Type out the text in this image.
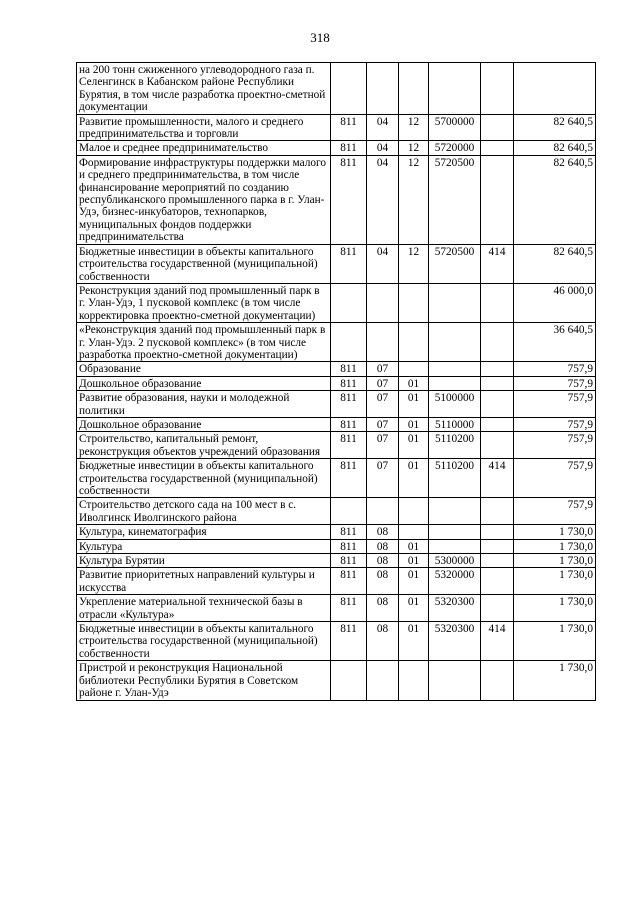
318
на 200 тонн сжиженного углеводородного газа п. Селенгинск в Кабанском районе Республики Бурятия, в том числе разработка проектно-сметной документации						
Развитие промышленности, малого и среднего предпринимательства и торговли	811	04	12	5700000		82 640,5
Малое и среднее предпринимательство	811	04	12	5720000		82 640,5
Формирование инфраструктуры поддержки малого и среднего предпринимательства, в том числе финансирование мероприятий по созданию республиканского промышленного парка в г. Улан-Удэ, бизнес-инкубаторов, технопарков, муниципальных фондов поддержки предпринимательства	811	04	12	5720500		82 640,5
Бюджетные инвестиции в объекты капитального строительства государственной (муниципальной) собственности	811	04	12	5720500	414	82 640,5
Реконструкция зданий под промышленный парк в г. Улан-Удэ, 1 пусковой комплекс (в том числе корректировка проектно-сметной документации)						46 000,0
«Реконструкция зданий под промышленный парк в г. Улан-Удэ. 2 пусковой комплекс» (в том числе разработка проектно-сметной документации)						36 640,5
Образование	811	07				757,9
Дошкольное образование	811	07	01			757,9
Развитие образования, науки и молодежной политики	811	07	01	5100000		757,9
Дошкольное образование	811	07	01	5110000		757,9
Строительство, капитальный ремонт, реконструкция объектов учреждений образования	811	07	01	5110200		757,9
Бюджетные инвестиции в объекты капитального строительства государственной (муниципальной) собственности	811	07	01	5110200	414	757,9
Строительство детского сада на 100 мест в с. Иволгинск Иволгинского района						757,9
Культура, кинематография	811	08				1 730,0
Культура	811	08	01			1 730,0
Культура Бурятии	811	08	01	5300000		1 730,0
Развитие приоритетных направлений культуры и искусства	811	08	01	5320000		1 730,0
Укрепление материальной технической базы в отрасли «Культура»	811	08	01	5320300		1 730,0
Бюджетные инвестиции в объекты капитального строительства государственной (муниципальной) собственности	811	08	01	5320300	414	1 730,0
Пристрой и реконструкция Национальной библиотеки Республики Бурятия в Советском районе г. Улан-Удэ						1 730,0
